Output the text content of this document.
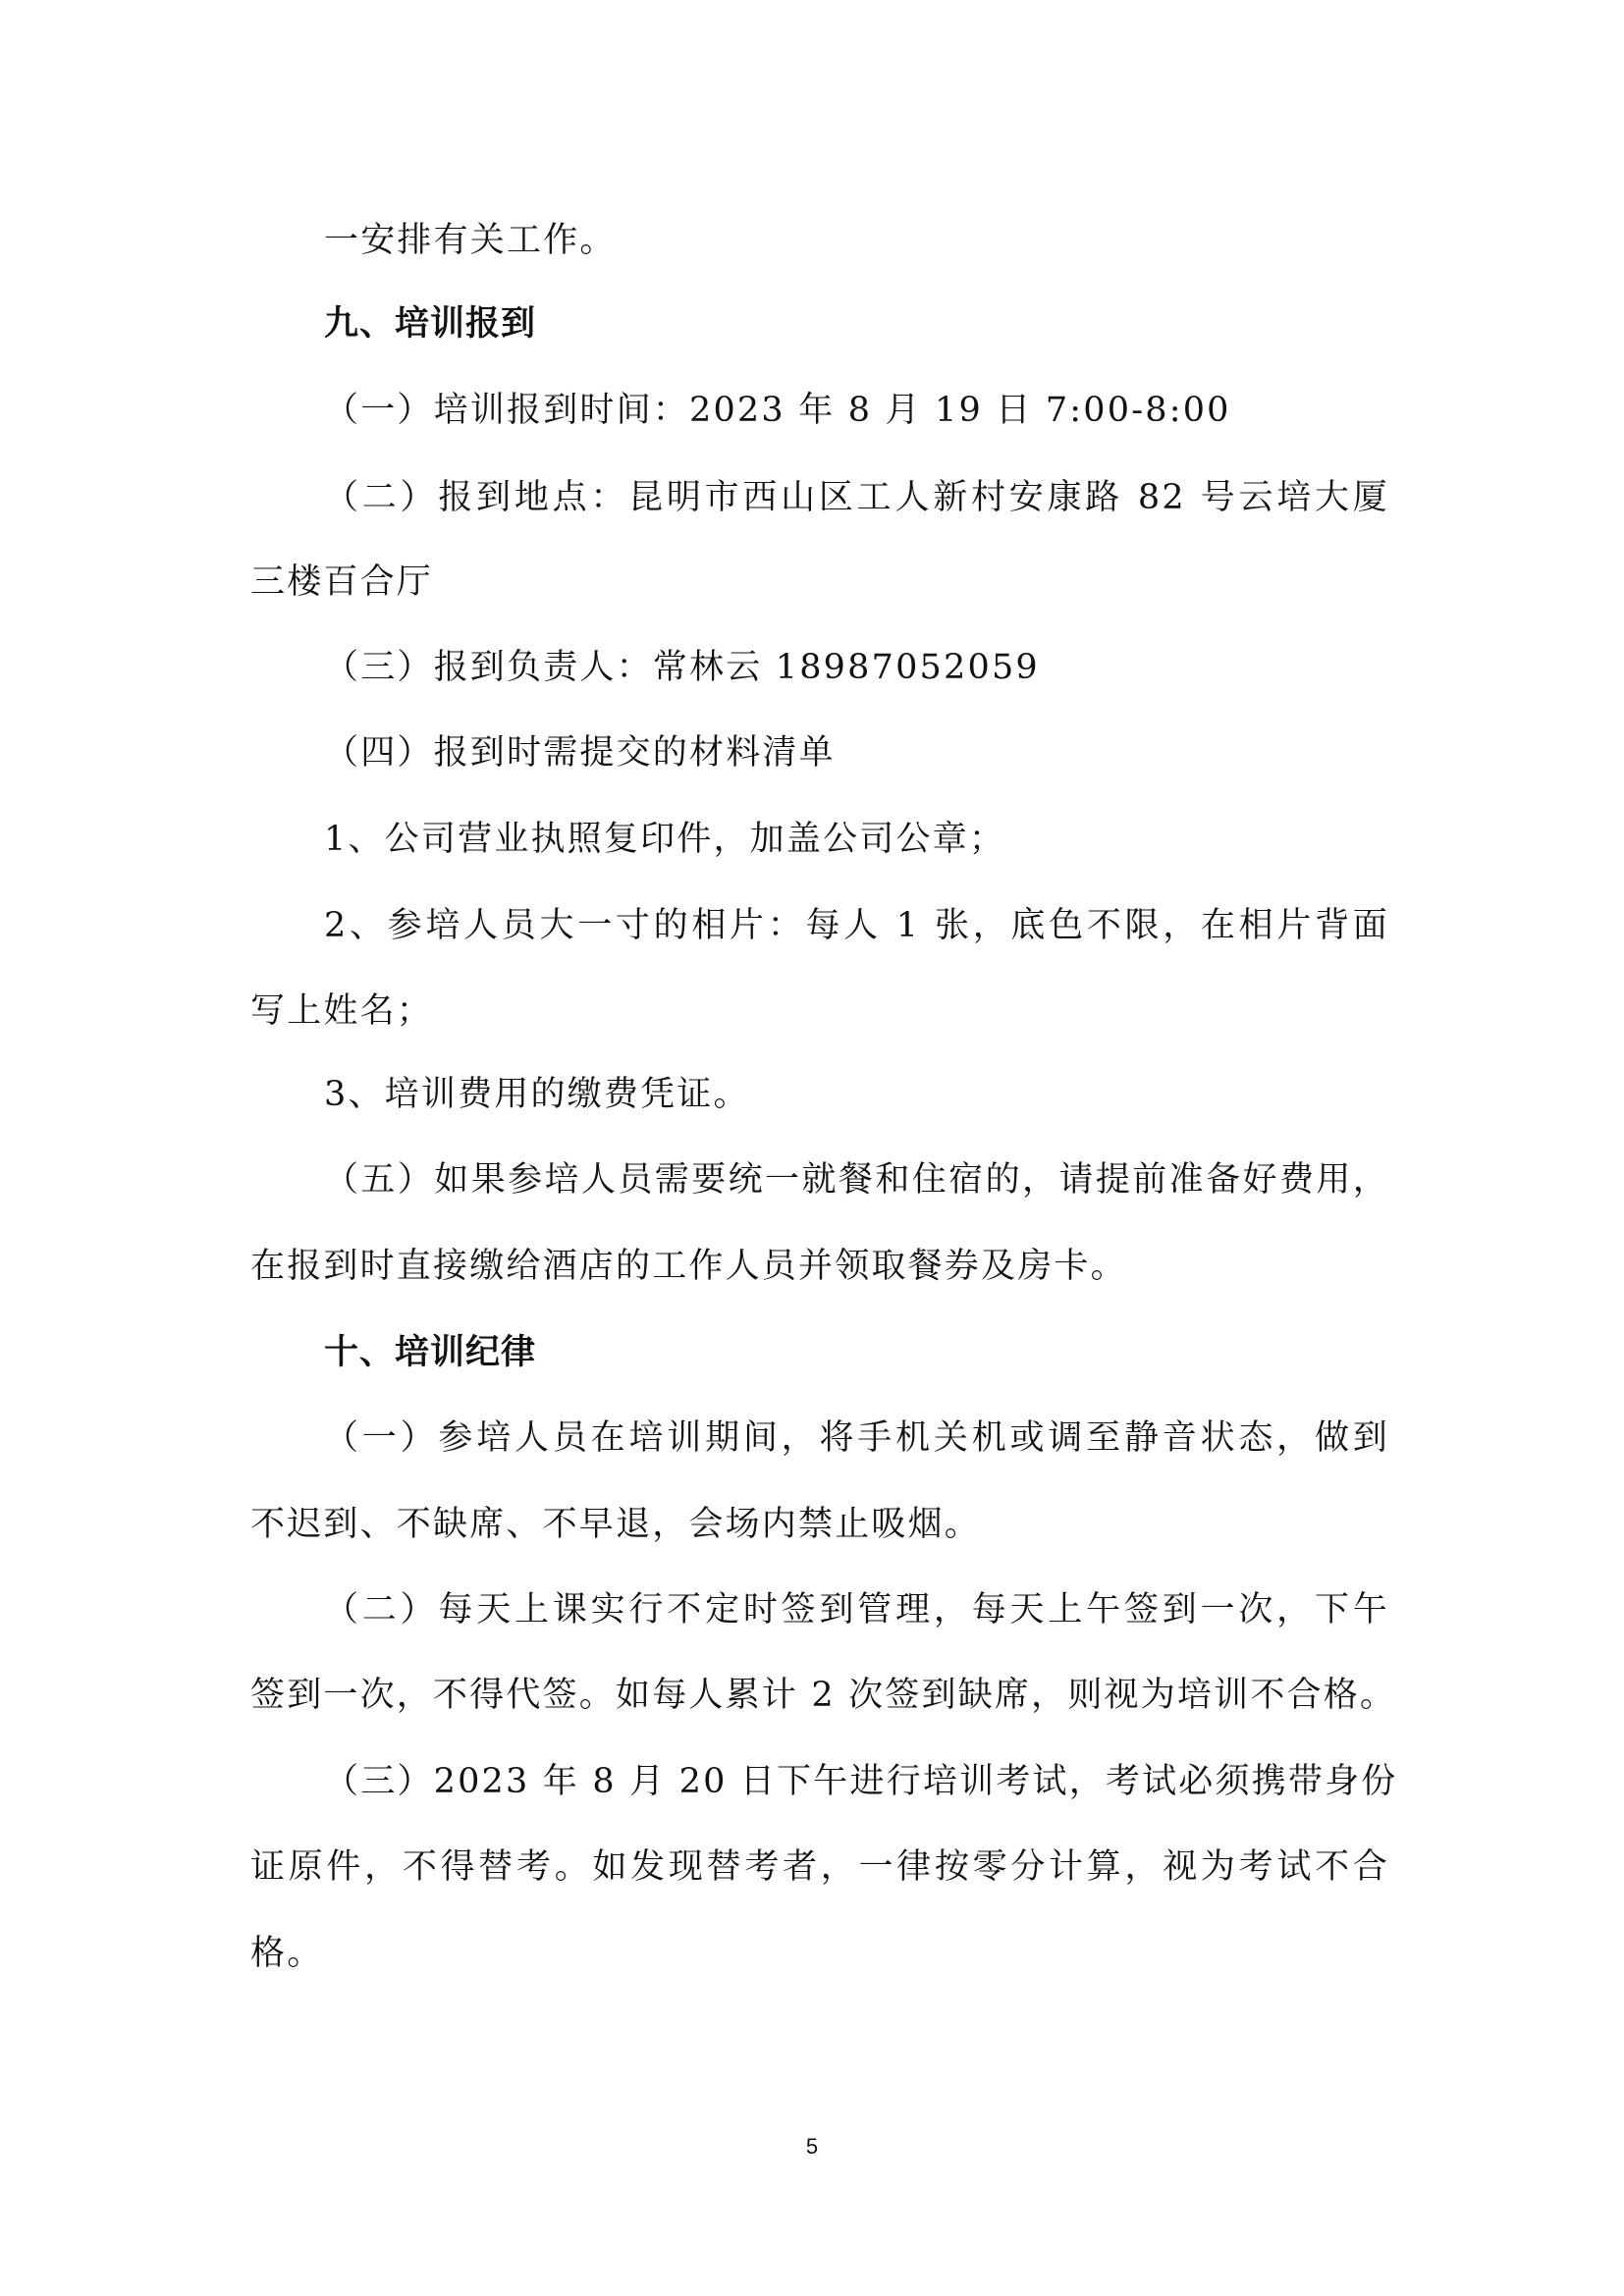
一安排有关工作。
九、培训报到
（一）培训报到时间：2023 年 8 月 19 日 7:00-8:00
（二）报到地点：昆明市西山区工人新村安康路 82 号云培大厦
三楼百合厅
（三）报到负责人：常林云 18987052059
（四）报到时需提交的材料清单
1、公司营业执照复印件，加盖公司公章；
2、参培人员大一寸的相片：每人 1 张，底色不限，在相片背面
写上姓名；
3、培训费用的缴费凭证。
（五）如果参培人员需要统一就餐和住宿的，请提前准备好费用，
在报到时直接缴给酒店的工作人员并领取餐券及房卡。
十、培训纪律
（一）参培人员在培训期间，将手机关机或调至静音状态，做到
不迟到、不缺席、不早退，会场内禁止吸烟。
（二）每天上课实行不定时签到管理，每天上午签到一次，下午
签到一次，不得代签。如每人累计 2 次签到缺席，则视为培训不合格。
（三）2023 年 8 月 20 日下午进行培训考试，考试必须携带身份
证原件，不得替考。如发现替考者，一律按零分计算，视为考试不合
格。
5
